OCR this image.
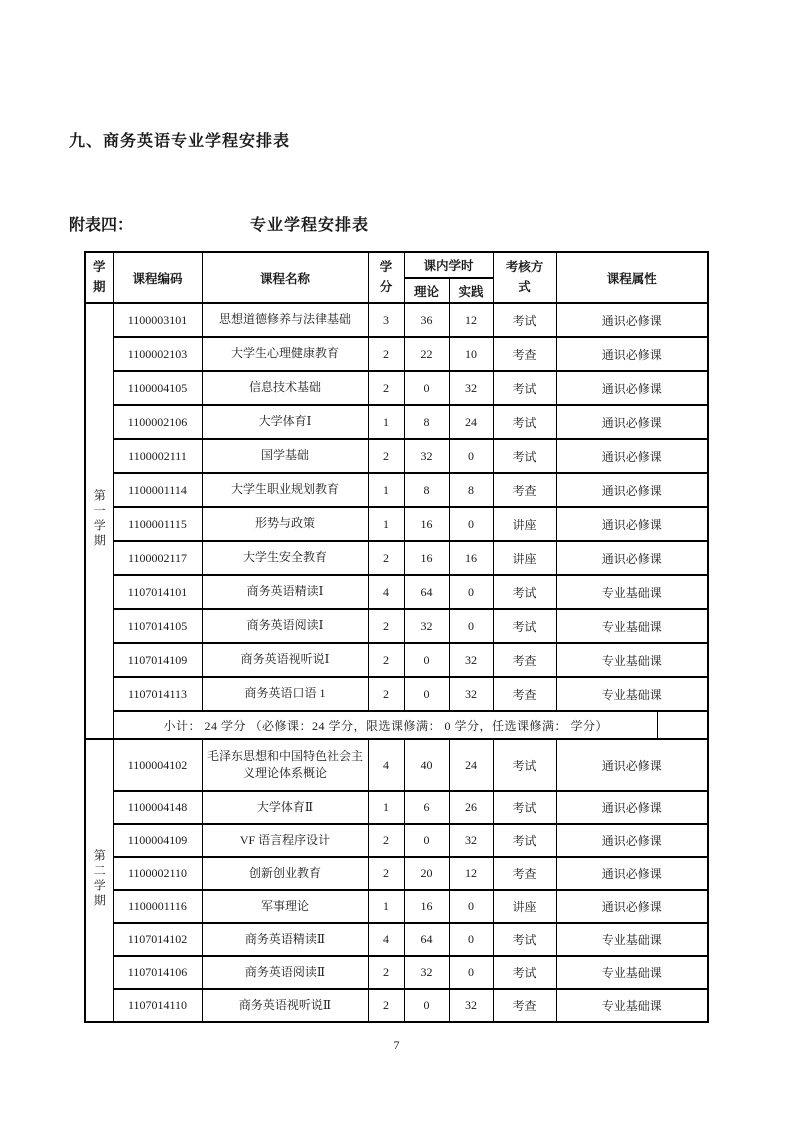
九、商务英语专业学程安排表
附表四：	专业学程安排表
学期	课程编码	课程名称	学分	课内学时		考核方式	课程属性
				理论	实践		
第一学期	1100003101	思想道德修养与法律基础	3	36	12	考试	通识必修课
	1100002103	大学生心理健康教育	2	22	10	考查	通识必修课
	1100004105	信息技术基础	2	0	32	考试	通识必修课
	1100002106	大学体育Ⅰ	1	8	24	考试	通识必修课
	1100002111	国学基础	2	32	0	考试	通识必修课
	1100001114	大学生职业规划教育	1	8	8	考查	通识必修课
	1100001115	形势与政策	1	16	0	讲座	通识必修课
	1100002117	大学生安全教育	2	16	16	讲座	通识必修课
	1107014101	商务英语精读Ⅰ	4	64	0	考试	专业基础课
	1107014105	商务英语阅读Ⅰ	2	32	0	考试	专业基础课
	1107014109	商务英语视听说Ⅰ	2	0	32	考查	专业基础课
	1107014113	商务英语口语 1	2	0	32	考查	专业基础课
	小计： 24 学分 （必修课：24 学分，限选课修满： 0 学分，任选课修满： 学分）						

第二学期	1100004102	毛泽东思想和中国特色社会主义理论体系概论	4	40	24	考试	通识必修课
	1100004148	大学体育Ⅱ	1	6	26	考试	通识必修课
	1100004109	VF 语言程序设计	2	0	32	考试	通识必修课
	1100002110	创新创业教育	2	20	12	考查	通识必修课
	1100001116	军事理论	1	16	0	讲座	通识必修课
	1107014102	商务英语精读Ⅱ	4	64	0	考试	专业基础课
	1107014106	商务英语阅读Ⅱ	2	32	0	考试	专业基础课
	1107014110	商务英语视听说Ⅱ	2	0	32	考查	专业基础课
7
